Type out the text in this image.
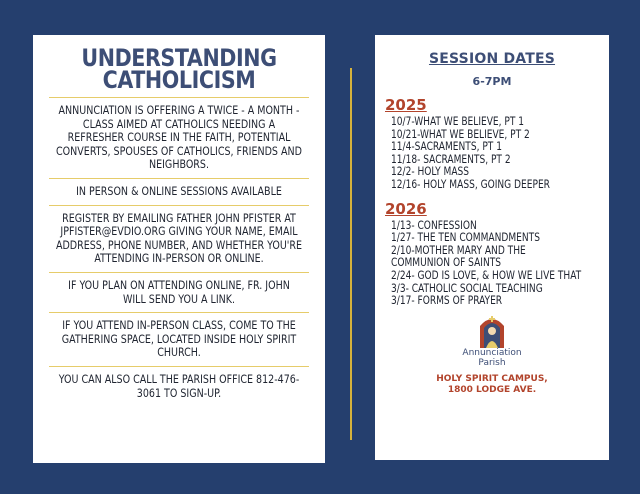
UNDERSTANDING
CATHOLICISM
ANNUNCIATION IS OFFERING A TWICE - A MONTH - CLASS AIMED AT CATHOLICS NEEDING A REFRESHER COURSE IN THE FAITH, POTENTIAL CONVERTS, SPOUSES OF CATHOLICS, FRIENDS AND NEIGHBORS.
IN PERSON & ONLINE SESSIONS AVAILABLE
REGISTER BY EMAILING FATHER JOHN PFISTER AT JPFISTER@EVDIO.ORG GIVING YOUR NAME, EMAIL ADDRESS, PHONE NUMBER, AND WHETHER YOU'RE ATTENDING IN-PERSON OR ONLINE.
IF YOU PLAN ON ATTENDING ONLINE, FR. JOHN WILL SEND YOU A LINK.
IF YOU ATTEND IN-PERSON CLASS, COME TO THE GATHERING SPACE, LOCATED INSIDE HOLY SPIRIT CHURCH.
YOU CAN ALSO CALL THE PARISH OFFICE 812-476-3061 TO SIGN-UP.
SESSION DATES
6-7PM
2025
10/7-WHAT WE BELIEVE, PT 1
10/21-WHAT WE BELIEVE, PT 2
11/4-SACRAMENTS, PT 1
11/18- SACRAMENTS, PT 2
12/2- HOLY MASS
12/16- HOLY MASS, GOING DEEPER
2026
1/13- CONFESSION
1/27- THE TEN COMMANDMENTS
2/10-MOTHER MARY AND THE COMMUNION OF SAINTS
2/24- GOD IS LOVE, & HOW WE LIVE THAT
3/3- CATHOLIC SOCIAL TEACHING
3/17- FORMS OF PRAYER
Annunciation
Parish
HOLY SPIRIT CAMPUS,
1800 LODGE AVE.
